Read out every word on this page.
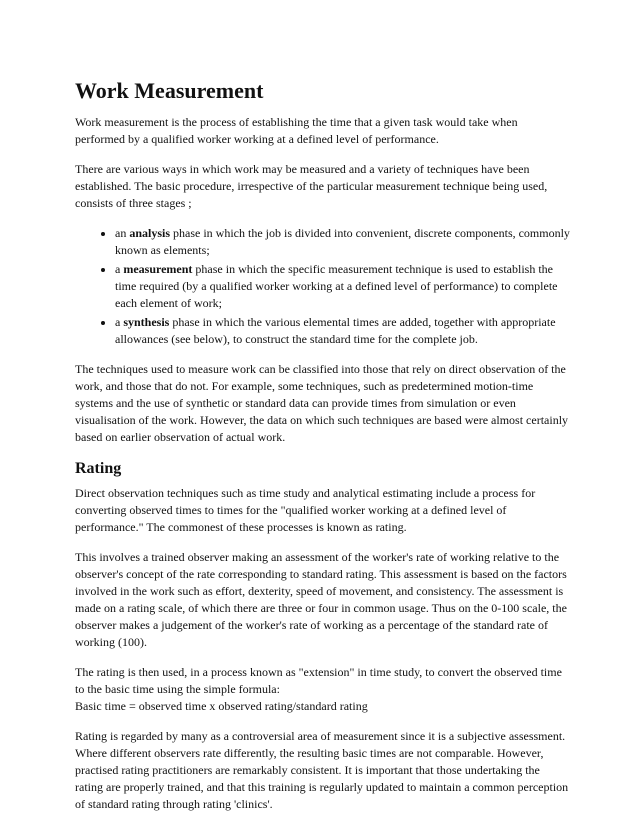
Work Measurement

Work measurement is the process of establishing the time that a given task would take when performed by a qualified worker working at a defined level of performance.

There are various ways in which work may be measured and a variety of techniques have been established. The basic procedure, irrespective of the particular measurement technique being used, consists of three stages ;

• an analysis phase in which the job is divided into convenient, discrete components, commonly known as elements;
• a measurement phase in which the specific measurement technique is used to establish the time required (by a qualified worker working at a defined level of performance) to complete each element of work;
• a synthesis phase in which the various elemental times are added, together with appropriate allowances (see below), to construct the standard time for the complete job.

The techniques used to measure work can be classified into those that rely on direct observation of the work, and those that do not. For example, some techniques, such as predetermined motion-time systems and the use of synthetic or standard data can provide times from simulation or even visualisation of the work. However, the data on which such techniques are based were almost certainly based on earlier observation of actual work.

Rating

Direct observation techniques such as time study and analytical estimating include a process for converting observed times to times for the "qualified worker working at a defined level of performance." The commonest of these processes is known as rating.

This involves a trained observer making an assessment of the worker's rate of working relative to the observer's concept of the rate corresponding to standard rating. This assessment is based on the factors involved in the work such as effort, dexterity, speed of movement, and consistency. The assessment is made on a rating scale, of which there are three or four in common usage. Thus on the 0-100 scale, the observer makes a judgement of the worker's rate of working as a percentage of the standard rate of working (100).

The rating is then used, in a process known as "extension" in time study, to convert the observed time to the basic time using the simple formula:
Basic time = observed time x observed rating/standard rating

Rating is regarded by many as a controversial area of measurement since it is a subjective assessment. Where different observers rate differently, the resulting basic times are not comparable. However, practised rating practitioners are remarkably consistent. It is important that those undertaking the rating are properly trained, and that this training is regularly updated to maintain a common perception of standard rating through rating 'clinics'.
